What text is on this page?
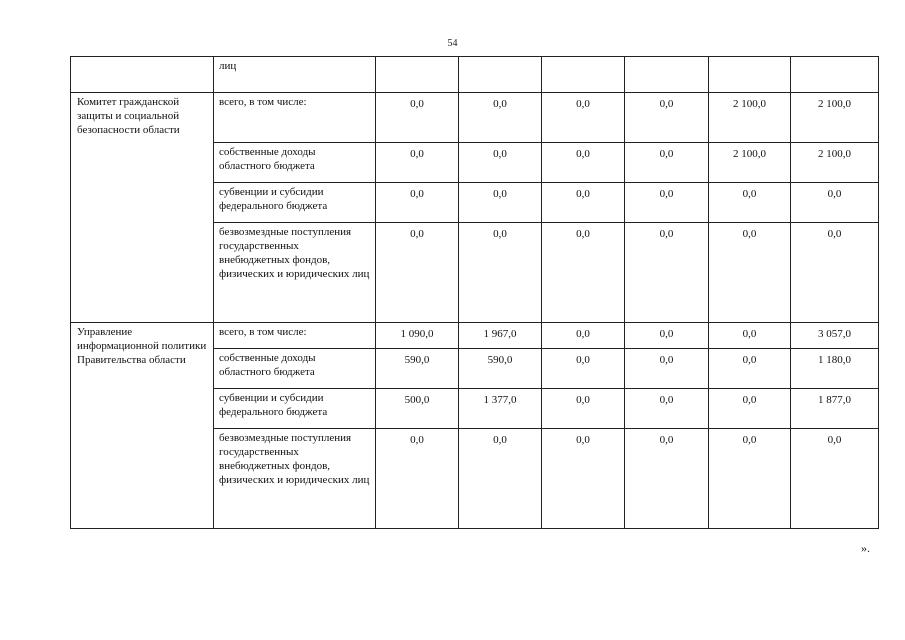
54
	лиц						
Комитет гражданской защиты и социальной безопасности области	всего, в том числе:	0,0	0,0	0,0	0,0	2 100,0	2 100,0
	собственные доходы областного бюджета	0,0	0,0	0,0	0,0	2 100,0	2 100,0
	субвенции и субсидии федерального бюджета	0,0	0,0	0,0	0,0	0,0	0,0
	безвозмездные поступления государственных внебюджетных фондов, физических и юридических лиц	0,0	0,0	0,0	0,0	0,0	0,0
Управление информационной политики Правительства области	всего, в том числе:	1 090,0	1 967,0	0,0	0,0	0,0	3 057,0
	собственные доходы областного бюджета	590,0	590,0	0,0	0,0	0,0	1 180,0
	субвенции и субсидии федерального бюджета	500,0	1 377,0	0,0	0,0	0,0	1 877,0
	безвозмездные поступления государственных внебюджетных фондов, физических и юридических лиц	0,0	0,0	0,0	0,0	0,0	0,0
».
